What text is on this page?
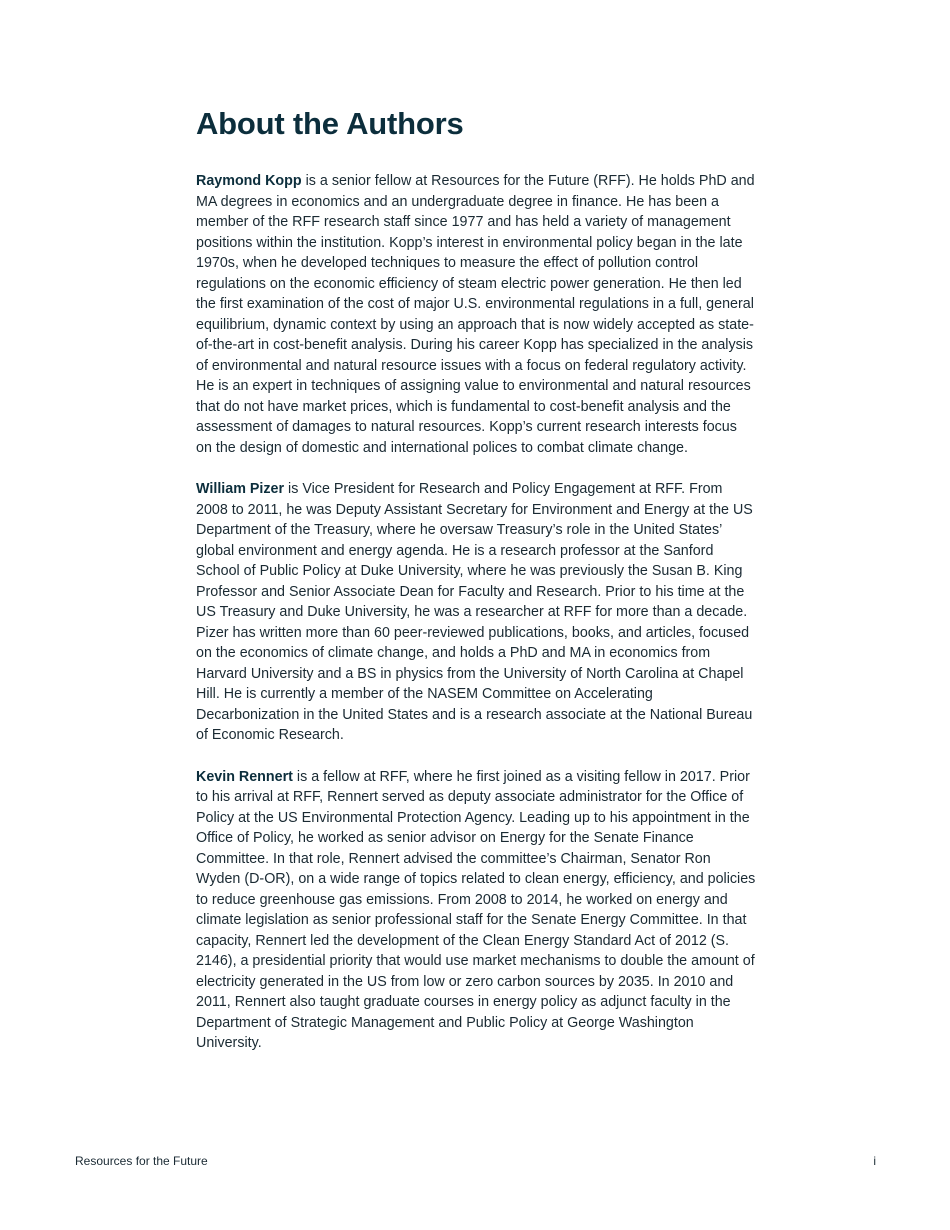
About the Authors

Raymond Kopp is a senior fellow at Resources for the Future (RFF). He holds PhD and MA degrees in economics and an undergraduate degree in finance. He has been a member of the RFF research staff since 1977 and has held a variety of management positions within the institution. Kopp’s interest in environmental policy began in the late 1970s, when he developed techniques to measure the effect of pollution control regulations on the economic efficiency of steam electric power generation. He then led the first examination of the cost of major U.S. environmental regulations in a full, general equilibrium, dynamic context by using an approach that is now widely accepted as state-of-the-art in cost-benefit analysis. During his career Kopp has specialized in the analysis of environmental and natural resource issues with a focus on federal regulatory activity. He is an expert in techniques of assigning value to environmental and natural resources that do not have market prices, which is fundamental to cost-benefit analysis and the assessment of damages to natural resources. Kopp’s current research interests focus on the design of domestic and international polices to combat climate change.

William Pizer is Vice President for Research and Policy Engagement at RFF. From 2008 to 2011, he was Deputy Assistant Secretary for Environment and Energy at the US Department of the Treasury, where he oversaw Treasury’s role in the United States’ global environment and energy agenda. He is a research professor at the Sanford School of Public Policy at Duke University, where he was previously the Susan B. King Professor and Senior Associate Dean for Faculty and Research. Prior to his time at the US Treasury and Duke University, he was a researcher at RFF for more than a decade. Pizer has written more than 60 peer-reviewed publications, books, and articles, focused on the economics of climate change, and holds a PhD and MA in economics from Harvard University and a BS in physics from the University of North Carolina at Chapel Hill. He is currently a member of the NASEM Committee on Accelerating Decarbonization in the United States and is a research associate at the National Bureau of Economic Research.

Kevin Rennert is a fellow at RFF, where he first joined as a visiting fellow in 2017. Prior to his arrival at RFF, Rennert served as deputy associate administrator for the Office of Policy at the US Environmental Protection Agency. Leading up to his appointment in the Office of Policy, he worked as senior advisor on Energy for the Senate Finance Committee. In that role, Rennert advised the committee’s Chairman, Senator Ron Wyden (D-OR), on a wide range of topics related to clean energy, efficiency, and policies to reduce greenhouse gas emissions. From 2008 to 2014, he worked on energy and climate legislation as senior professional staff for the Senate Energy Committee. In that capacity, Rennert led the development of the Clean Energy Standard Act of 2012 (S. 2146), a presidential priority that would use market mechanisms to double the amount of electricity generated in the US from low or zero carbon sources by 2035. In 2010 and 2011, Rennert also taught graduate courses in energy policy as adjunct faculty in the Department of Strategic Management and Public Policy at George Washington University.

Resources for the Future	i
